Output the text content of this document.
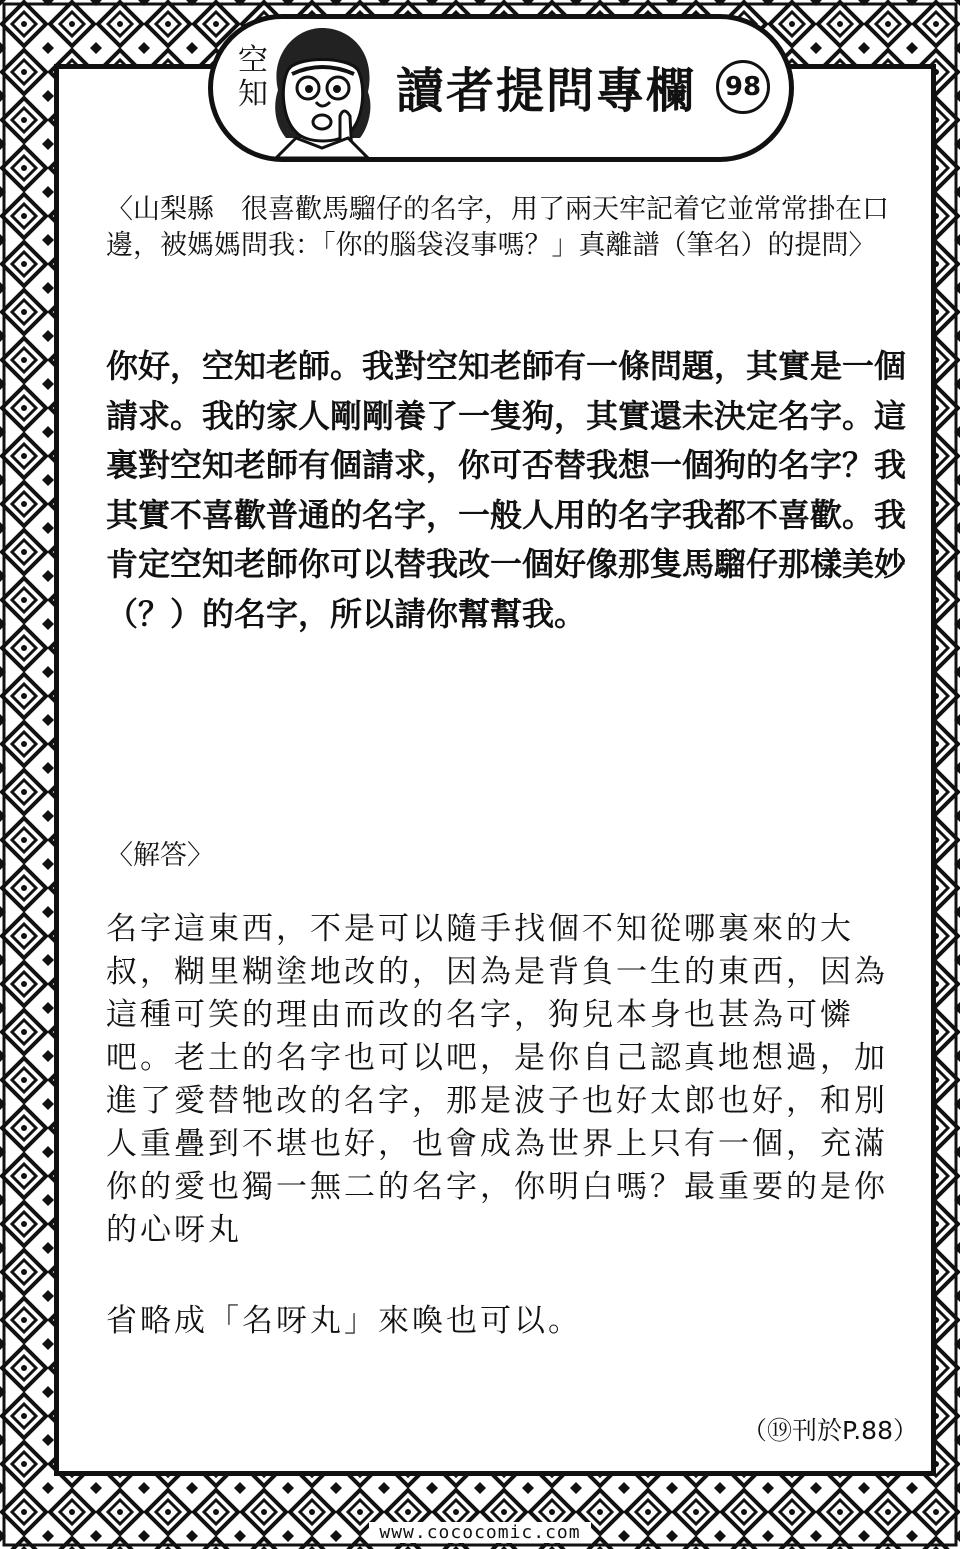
空知	讀者提問專欄	98
〈山梨縣　很喜歡馬騮仔的名字，用了兩天牢記着它並常常掛在口邊，被媽媽問我：「你的腦袋沒事嗎？」真離譜（筆名）的提問〉
你好，空知老師。我對空知老師有一條問題，其實是一個請求。我的家人剛剛養了一隻狗，其實還未決定名字。這裏對空知老師有個請求，你可否替我想一個狗的名字？我其實不喜歡普通的名字，一般人用的名字我都不喜歡。我肯定空知老師你可以替我改一個好像那隻馬騮仔那樣美妙（？）的名字，所以請你幫幫我。
〈解答〉
名字這東西，不是可以隨手找個不知從哪裏來的大叔，糊里糊塗地改的，因為是背負一生的東西，因為這種可笑的理由而改的名字，狗兒本身也甚為可憐吧。老土的名字也可以吧，是你自己認真地想過，加進了愛替牠改的名字，那是波子也好太郎也好，和別人重疊到不堪也好，也會成為世界上只有一個，充滿你的愛也獨一無二的名字，你明白嗎？最重要的是你的心呀丸
省略成「名呀丸」來喚也可以。
（⑲刊於P.88）
www.cococomic.com
